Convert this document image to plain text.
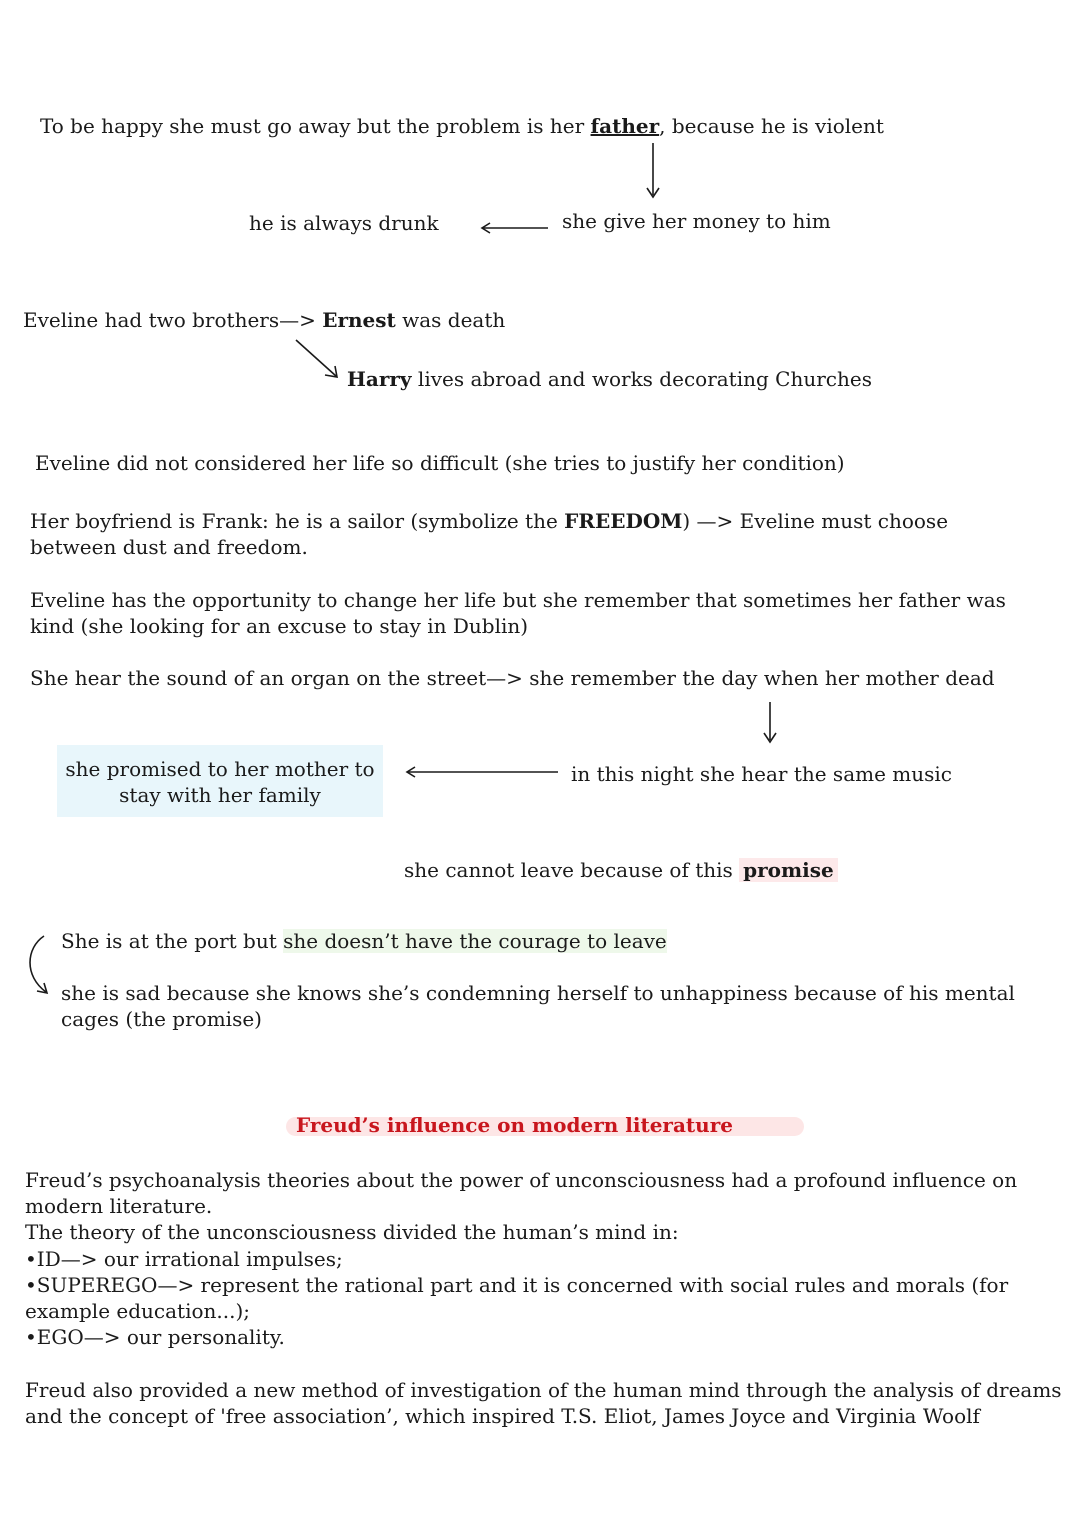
To be happy she must go away but the problem is her father, because he is violent
he is always drunk	she give her money to him
Eveline had two brothers—> Ernest was death
Harry lives abroad and works decorating Churches
Eveline did not considered her life so difficult (she tries to justify her condition)
Her boyfriend is Frank: he is a sailor (symbolize the FREEDOM) —> Eveline must choose between dust and freedom.
Eveline has the opportunity to change her life but she remember that sometimes her father was kind (she looking for an excuse to stay in Dublin)
She hear the sound of an organ on the street—> she remember the day when her mother dead
she promised to her mother to stay with her family
in this night she hear the same music
she cannot leave because of this promise
She is at the port but she doesn’t have the courage to leave
she is sad because she knows she’s condemning herself to unhappiness because of his mental cages (the promise)
Freud’s influence on modern literature
Freud’s psychoanalysis theories about the power of unconsciousness had a profound influence on modern literature.
The theory of the unconsciousness divided the human’s mind in:
•ID—> our irrational impulses;
•SUPEREGO—> represent the rational part and it is concerned with social rules and morals (for example education...);
•EGO—> our personality.
Freud also provided a new method of investigation of the human mind through the analysis of dreams and the concept of 'free association’, which inspired T.S. Eliot, James Joyce and Virginia Woolf
